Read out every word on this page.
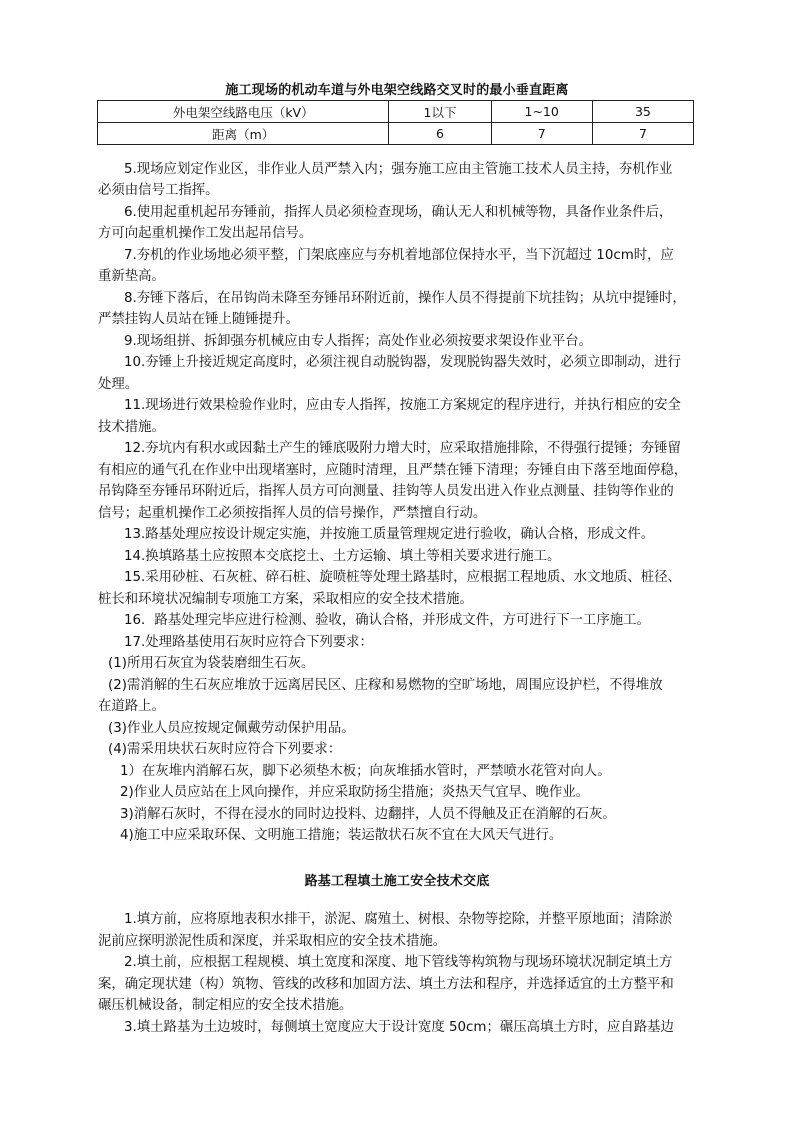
施工现场的机动车道与外电架空线路交叉时的最小垂直距离
外电架空线路电压（kV）	1以下	1~10	35
距离（m）	6	7	7
5.现场应划定作业区，非作业人员严禁入内；强夯施工应由主管施工技术人员主持，夯机作业
必须由信号工指挥。
6.使用起重机起吊夯锤前，指挥人员必须检查现场，确认无人和机械等物，具备作业条件后，
方可向起重机操作工发出起吊信号。
7.夯机的作业场地必须平整，门架底座应与夯机着地部位保持水平，当下沉超过 10cm时，应
重新垫高。
8.夯锤下落后，在吊钩尚未降至夯锤吊环附近前，操作人员不得提前下坑挂钩；从坑中提锤时，
严禁挂钩人员站在锤上随锤提升。
9.现场组拼、拆卸强夯机械应由专人指挥；高处作业必须按要求架设作业平台。
10.夯锤上升接近规定高度时，必须注视自动脱钩器，发现脱钩器失效时，必须立即制动，进行
处理。
11.现场进行效果检验作业时，应由专人指挥，按施工方案规定的程序进行，并执行相应的安全
技术措施。
12.夯坑内有积水或因黏土产生的锤底吸附力增大时，应采取措施排除，不得强行提锤；夯锤留
有相应的通气孔在作业中出现堵塞时，应随时清理，且严禁在锤下清理；夯锤自由下落至地面停稳，
吊钩降至夯锤吊环附近后，指挥人员方可向测量、挂钩等人员发出进入作业点测量、挂钩等作业的
信号；起重机操作工必须按指挥人员的信号操作，严禁擅自行动。
13.路基处理应按设计规定实施，并按施工质量管理规定进行验收，确认合格，形成文件。
14.换填路基土应按照本交底挖土、土方运输、填土等相关要求进行施工。
15.采用砂桩、石灰桩、碎石桩、旋喷桩等处理土路基时，应根据工程地质、水文地质、桩径、
桩长和环境状况编制专项施工方案，采取相应的安全技术措施。
16．路基处理完毕应进行检测、验收，确认合格，并形成文件，方可进行下一工序施工。
17.处理路基使用石灰时应符合下列要求：
(1)所用石灰宜为袋装磨细生石灰。
(2)需消解的生石灰应堆放于远离居民区、庄稼和易燃物的空旷场地，周围应设护栏，不得堆放
在道路上。
(3)作业人员应按规定佩戴劳动保护用品。
(4)需采用块状石灰时应符合下列要求：
1）在灰堆内消解石灰，脚下必须垫木板；向灰堆插水管时，严禁喷水花管对向人。
2)作业人员应站在上风向操作，并应采取防扬尘措施；炎热天气宜早、晚作业。
3)消解石灰时，不得在浸水的同时边投料、边翻拌，人员不得触及正在消解的石灰。
4)施工中应采取环保、文明施工措施；装运散状石灰不宜在大风天气进行。
路基工程填土施工安全技术交底
1.填方前，应将原地表积水排干，淤泥、腐殖土、树根、杂物等挖除，并整平原地面；清除淤
泥前应探明淤泥性质和深度，并采取相应的安全技术措施。
2.填土前，应根据工程规模、填土宽度和深度、地下管线等构筑物与现场环境状况制定填土方
案，确定现状建（构）筑物、管线的改移和加固方法、填土方法和程序，并选择适宜的土方整平和
碾压机械设备，制定相应的安全技术措施。
3.填土路基为土边坡时，每侧填土宽度应大于设计宽度 50cm；碾压高填土方时，应自路基边
